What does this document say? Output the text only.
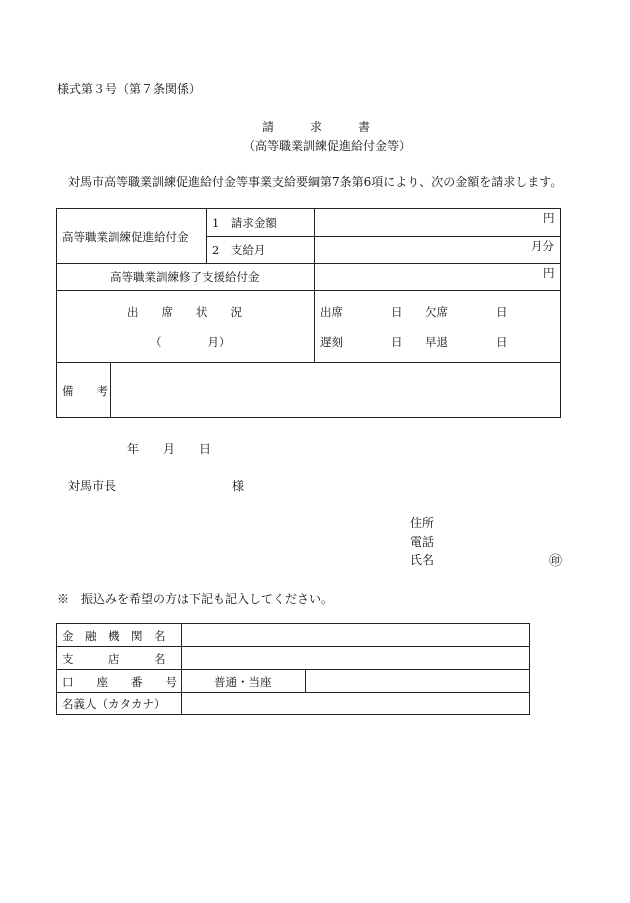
様式第３号（第７条関係）
請　　　求　　　書
（高等職業訓練促進給付金等）
対馬市高等職業訓練促進給付金等事業支給要綱第7条第6項により、次の金額を請求します。
高等職業訓練促進給付金
1　請求金額	円
2　支給月	月分
高等職業訓練修了支援給付金	円
出　　席　　状　　況
（　　　　月）
出席	日 欠席	日
遅刻	日 早退	日
備　　考
年　　月　　日
対馬市長	様
住所
電話
氏名	㊞
※　振込みを希望の方は下記も記入してください。
金　融　機　関　名
支　　　店　　　名
口　　座　　番　　号	普通・当座
名義人（カタカナ）
